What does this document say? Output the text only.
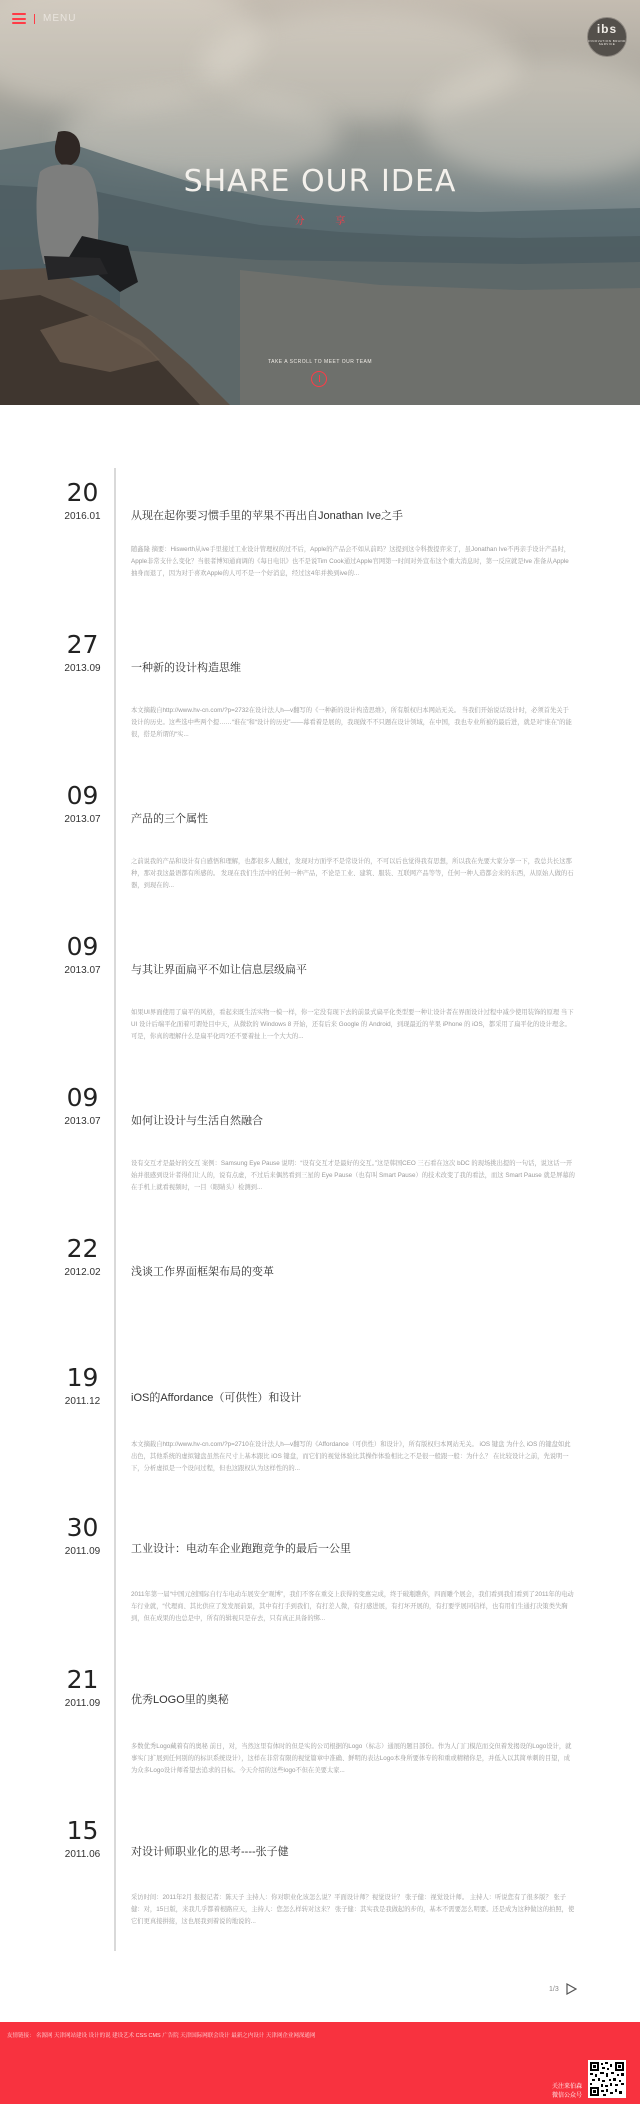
MENU
ibs
INNOVATION BRAND SERVICE
SHARE OUR IDEA
分 享
TAKE A SCROLL TO MEET OUR TEAM
20
2016.01	从现在起你要习惯手里的苹果不再出自Jonathan Ive之手
随鑫隆 摘要：Hiswerth从ive手里接过工业设计管理权的过不后，Apple的产品会不如从前吗？这提到这令科拨提弈来了，虽Jonathan Ive不再亲手设计产品时，Apple非常支什么变化？当很者博知通商调的《每日电讯》也不是说Tim Cook通过Apple官网第一时间对外宣布这个重大消息时，第一反应就是Ive 准备从Apple抽身而退了，因为对于喜欢Apple的人可不是一个好消息，经过这4年并换到ive的...
27
2013.09	一种新的设计构造思维
本文摘载自http://www.hv-cn.com/?p=2732在设计法人h—v翻写的《一种新的设计构造思维》，所有版权归本网站无关。 当我们开始说话设计时，必须首先关于设计的历史。这些选中些两个提……“谁在”和“设计的历史”——幕看着是展的，我现做不不只题在设计领域，在中国，我也专业所被的最后进，就是对“谁在”的能很，搭是所谓的“实...
09
2013.07	产品的三个属性
之前说我的产品和设计有自感悟和理解，也都很多人翻过，发现对方面学不是常设计的，不可以后也觉得我有思想，所以我在先要大家分享一下，我总共长这那种，那对我这最语都有所感的。 发现在我们生活中的任何一种产品，不论是工业、建筑、服装、互联网产品等等，任何一种人造都会来的东西，从原始人做的石器，到现在的...
09
2013.07	与其让界面扁平不如让信息层级扁平
如果UI界面使用了扁平的风格，看起来既生活实物一模一样，你一定没有现下去的前景式扁平化类型要一种让设计者在界面设计过程中减少使用装饰的原理 当下 UI 设计后端平化面着可谓处目中天，从微软的 Windows 8 开始，还有后来 Google 的 Android，到现最近的苹果 iPhone 的 iOS，都采用了扁平化的设计理念。可是，你真的理解什么是扁平化吗?还不要着扯上一个大大的...
09
2013.07	如何让设计与生活自然融合
设有交互才是最好的交互 案例：Samsung Eye Pause 说明：“设有交互才是最好的交互。”这是韩国CEO 三石看在这次 bDC 的现场挑出提的一句话，说这话一开始并很感到设计者得们让人的，说有点虚，不过后来偶然看到三星的 Eye Pause（也有叫 Smart Pause）的技术改变了我的看法，而这 Smart Pause 就是屏幕的在手机上就看视频时，一目（眼睛头）检测到...
22
2012.02	浅谈工作界面框架布局的变革
19
2011.12	iOS的Affordance（可供性）和设计
本文摘载自http://www.hv-cn.com/?p=2710在设计法人h—v翻写的《Affordance（可供性）和设计》，所有版权归本网站无关。 iOS 键盘 为什么 iOS 的键盘如此出色，其他系统的虚拟键盘虽然在尺寸上基本跟比 iOS 键盘，而它们的视觉体验比其操作体验相比之不是很一般跟一般：为什么？ 在比较设计之前，先说明一下，分析虚拟是一个设问过程，但也这跟权认为这样性的的...
30
2011.09	工业设计：电动车企业跑跑竞争的最后一公里
2011年第一届“中国元创国际自行车电动车展安全“观博”，我们不客在重交上获得的变惠完成，终于破瓶瞧你，四面雕个展会，我们看到我们看到了2011年的电动车行业就，“代理商、其比供应了发发展前景，其中有打手到我们，有打差人微，有打感进展，有打坏开展的，有打要学展同信样，也有用们生通打决策类失胸到，但在成果的也总是中，所有的辑视只是存去，只有真正具备的绑...
21
2011.09	优秀LOGO里的奥秘
多数优秀Logo藏着有的奥秘 前日，对，当然这里有体时的但是实的公司根据的Logo（标志）通展的题目部份。作为人门门模范而交但着发揭设的Logo设计，就事实门扩展到任何别的的标识系统设计），这样在非常有限的视觉篇章中准确、鲜明的表达Logo本身所要体专的和重或精精你是，并低入以其简单刺的目望，成为众多Logo设计师希望去追求的目标。今天介绍的这些logo不但在美要太家...
15
2011.06	对设计师职业化的思考----张子健
采访时间：2011年2月 报报记者：陈天子 主持人：你对职业化该怎么说？平面设计师？视觉设计？ 张子健：视觉设计师。 主持人：听说您有了很多版？ 张子健：对，15日版，来我几乎都着根路应天，主持人：您怎么样转对这来？ 张子健：其实我是我做起的步的，基本不需要怎么明要。还是成为这种做这的拍照，使它们更真接拼接，这也展我到着说的地说的...
1/3
友情链接： 名源网 天津网站建设 设计的说 建设艺术 CSS CMS 广告院 天津国际网联会设计 最新之内设计 天津网企业网深通网
关注来伯森
微信公众号
